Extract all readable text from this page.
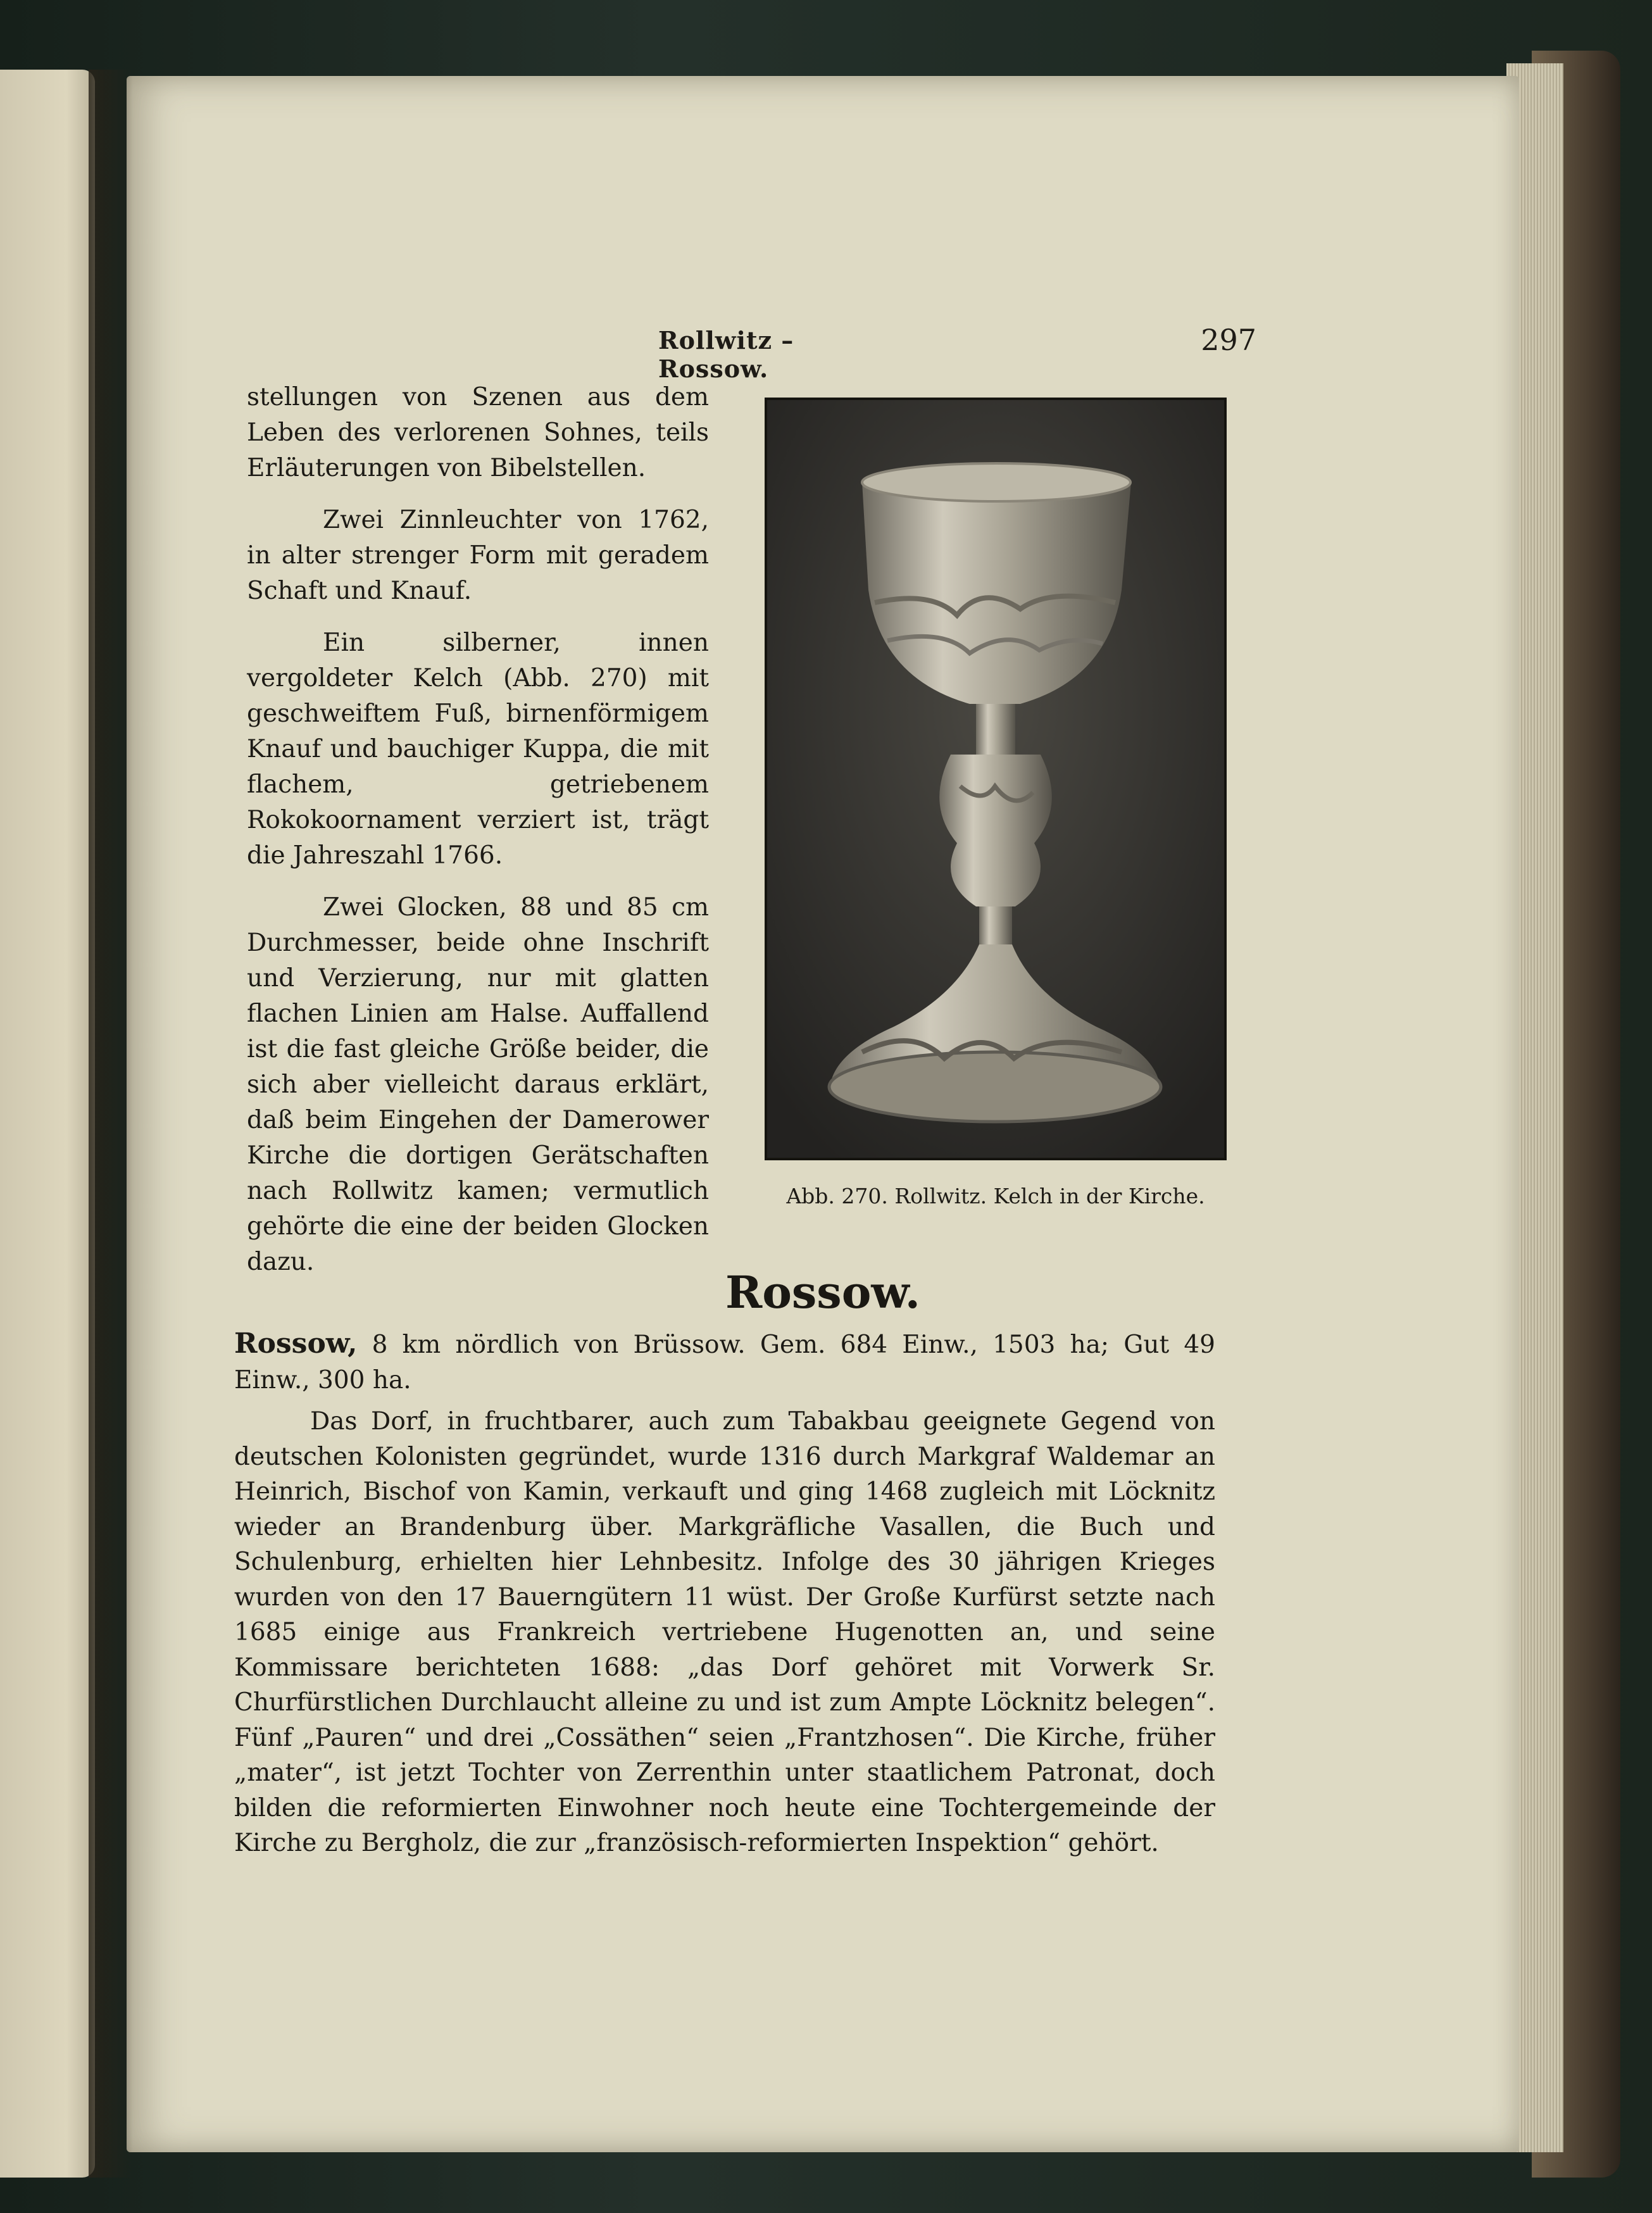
Rollwitz – Rossow.
297

stellungen von Szenen aus dem Leben des verlorenen Sohnes, teils Erläuterungen von Bibelstellen.

Zwei Zinnleuchter von 1762, in alter strenger Form mit geradem Schaft und Knauf.

Ein silberner, innen vergoldeter Kelch (Abb. 270) mit geschweiftem Fuß, birnenförmigem Knauf und bauchiger Kuppa, die mit flachem, getriebenem Rokokoornament verziert ist, trägt die Jahreszahl 1766.

Zwei Glocken, 88 und 85 cm Durchmesser, beide ohne Inschrift und Verzierung, nur mit glatten flachen Linien am Halse. Auffallend ist die fast gleiche Größe beider, die sich aber vielleicht daraus erklärt, daß beim Eingehen der Damerower Kirche die dortigen Gerätschaften nach Rollwitz kamen; vermutlich gehörte die eine der beiden Glocken dazu.

Abb. 270. Rollwitz. Kelch in der Kirche.
Rossow.

Rossow, 8 km nördlich von Brüssow. Gem. 684 Einw., 1503 ha; Gut 49 Einw., 300 ha.

Das Dorf, in fruchtbarer, auch zum Tabakbau geeignete Gegend von deutschen Kolonisten gegründet, wurde 1316 durch Markgraf Waldemar an Heinrich, Bischof von Kamin, verkauft und ging 1468 zugleich mit Löcknitz wieder an Brandenburg über. Markgräfliche Vasallen, die Buch und Schulenburg, erhielten hier Lehnbesitz. Infolge des 30 jährigen Krieges wurden von den 17 Bauerngütern 11 wüst. Der Große Kurfürst setzte nach 1685 einige aus Frankreich vertriebene Hugenotten an, und seine Kommissare berichteten 1688: „das Dorf gehöret mit Vorwerk Sr. Churfürstlichen Durchlaucht alleine zu und ist zum Ampte Löcknitz belegen“. Fünf „Pauren“ und drei „Cossäthen“ seien „Frantzhosen“. Die Kirche, früher „mater“, ist jetzt Tochter von Zerrenthin unter staatlichem Patronat, doch bilden die reformierten Einwohner noch heute eine Tochtergemeinde der Kirche zu Bergholz, die zur „französisch-reformierten Inspektion“ gehört.
